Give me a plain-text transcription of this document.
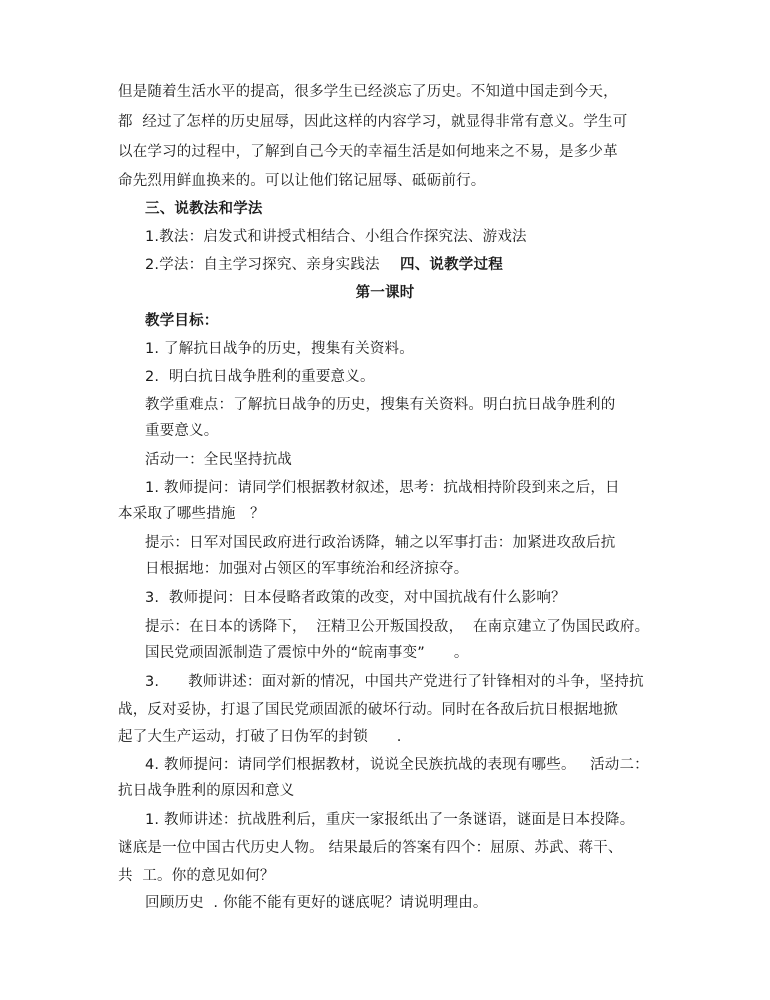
但是随着生活水平的提高，很多学生已经淡忘了历史。不知道中国走到今天，
都  经过了怎样的历史屈辱，因此这样的内容学习，就显得非常有意义。学生可
以在学习的过程中，了解到自己今天的幸福生活是如何地来之不易，是多少革
命先烈用鲜血换来的。可以让他们铭记屈辱、砥砺前行。
三、说教法和学法
1.教法：启发式和讲授式相结合、小组合作探究法、游戏法
2.学法：自主学习探究、亲身实践法 四、说教学过程
第一课时
教学目标：
1. 了解抗日战争的历史，搜集有关资料。
2.  明白抗日战争胜利的重要意义。
教学重难点：了解抗日战争的历史，搜集有关资料。明白抗日战争胜利的
重要意义。
活动一：全民坚持抗战
1. 教师提问：请同学们根据教材叙述，思考：抗战相持阶段到来之后，日
本采取了哪些措施   ？
提示：日军对国民政府进行政治诱降，辅之以军事打击：加紧进攻敌后抗
日根据地：加强对占领区的军事统治和经济掠夺。
3.  教师提问：日本侵略者政策的改变，对中国抗战有什么影响？
提示：在日本的诱降下，  汪精卫公开叛国投敌，  在南京建立了伪国民政府。
国民党顽固派制造了震惊中外的“皖南事变”      。
3.      教师讲述：面对新的情况，中国共产党进行了针锋相对的斗争，坚持抗
战，反对妥协，打退了国民党顽固派的破坏行动。同时在各敌后抗日根据地掀
起了大生产运动，打破了日伪军的封锁      .
4. 教师提问：请同学们根据教材，说说全民族抗战的表现有哪些。   活动二：
抗日战争胜利的原因和意义
1. 教师讲述：抗战胜利后，重庆一家报纸出了一条谜语，谜面是日本投降。
谜底是一位中国古代历史人物。 结果最后的答案有四个：屈原、苏武、蒋干、
共  工。你的意见如何？
回顾历史  . 你能不能有更好的谜底呢？请说明理由。
